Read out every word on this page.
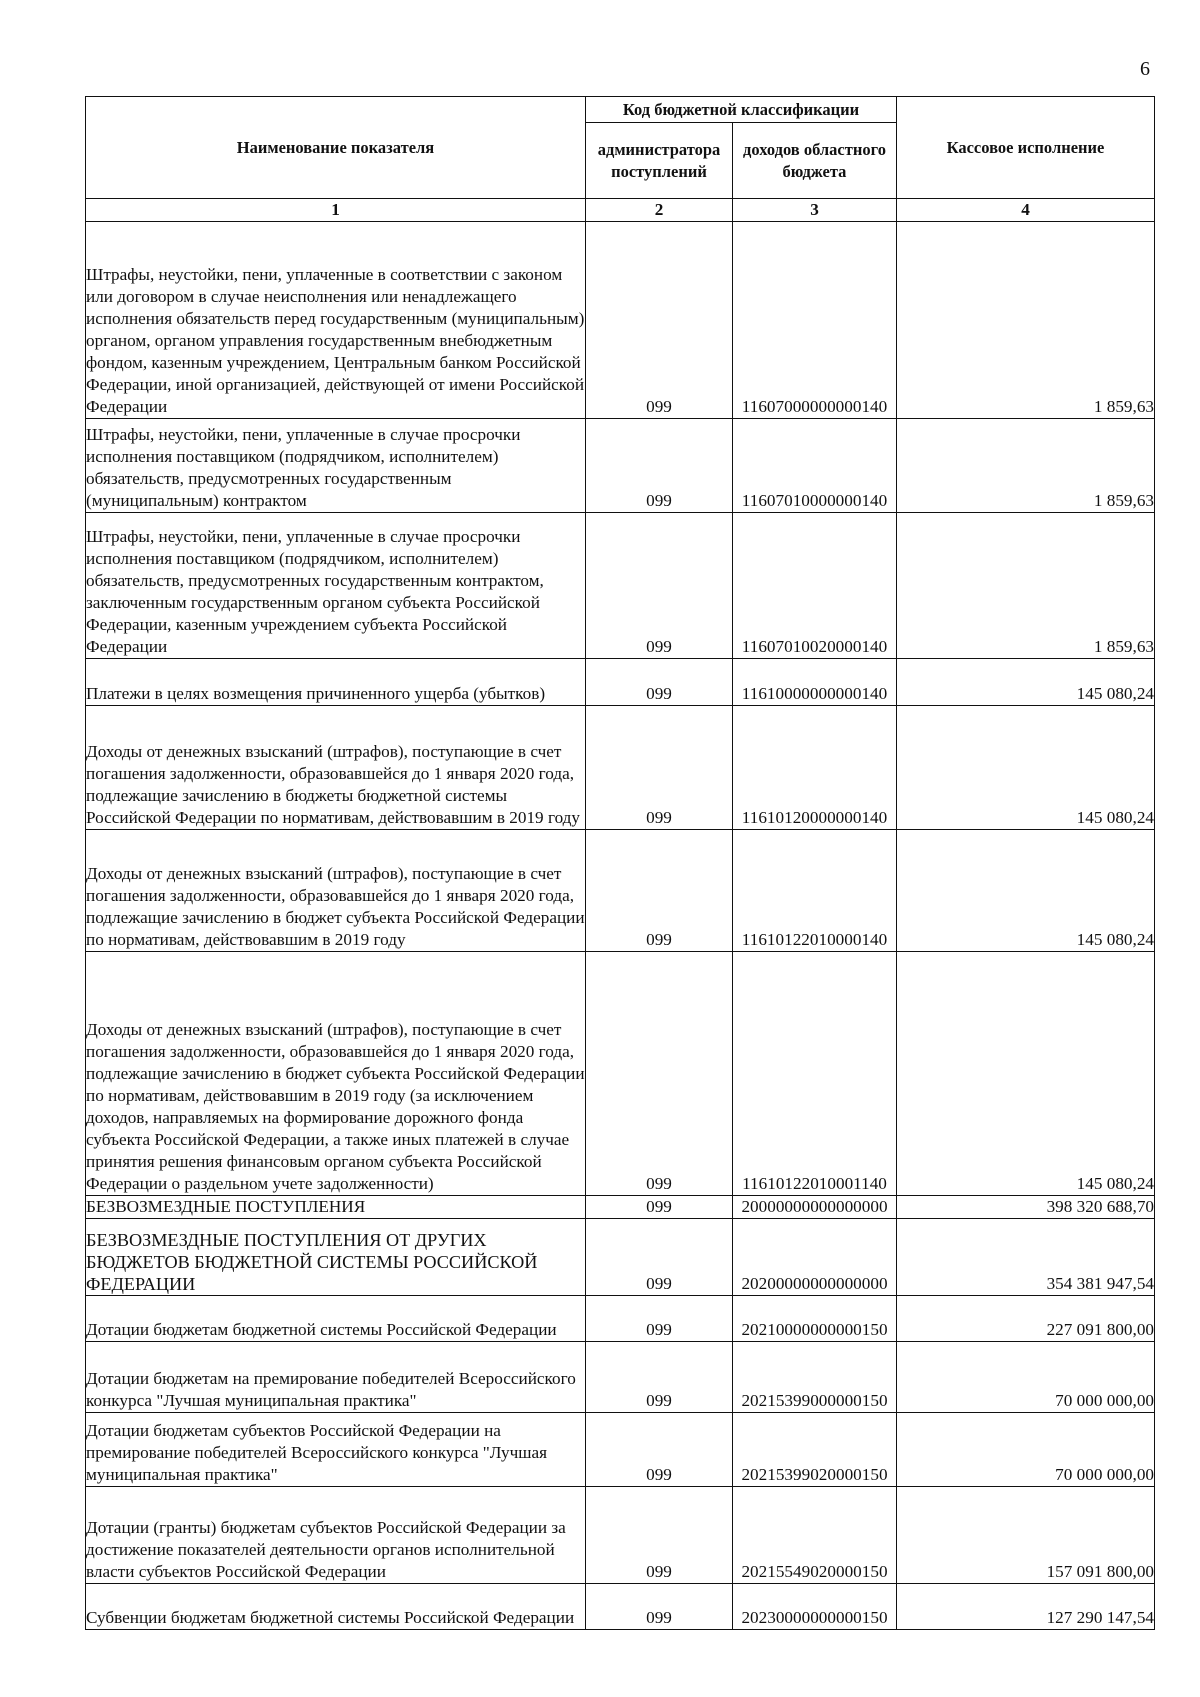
6
Наименование показателя	Код бюджетной классификации		Кассовое исполнение
	администратора поступлений	доходов областного бюджета	
1	2	3	4
Штрафы, неустойки, пени, уплаченные в соответствии с законом или договором в случае неисполнения или ненадлежащего исполнения обязательств перед государственным (муниципальным) органом, органом управления государственным внебюджетным фондом, казенным учреждением, Центральным банком Российской Федерации, иной организацией, действующей от имени Российской Федерации	099	11607000000000140	1 859,63
Штрафы, неустойки, пени, уплаченные в случае просрочки исполнения поставщиком (подрядчиком, исполнителем) обязательств, предусмотренных государственным (муниципальным) контрактом	099	11607010000000140	1 859,63
Штрафы, неустойки, пени, уплаченные в случае просрочки исполнения поставщиком (подрядчиком, исполнителем) обязательств, предусмотренных государственным контрактом, заключенным государственным органом субъекта Российской Федерации, казенным учреждением субъекта Российской Федерации	099	11607010020000140	1 859,63
Платежи в целях возмещения причиненного ущерба (убытков)	099	11610000000000140	145 080,24
Доходы от денежных взысканий (штрафов), поступающие в счет погашения задолженности, образовавшейся до 1 января 2020 года, подлежащие зачислению в бюджеты бюджетной системы Российской Федерации по нормативам, действовавшим в 2019 году	099	11610120000000140	145 080,24
Доходы от денежных взысканий (штрафов), поступающие в счет погашения задолженности, образовавшейся до 1 января 2020 года, подлежащие зачислению в бюджет субъекта Российской Федерации по нормативам, действовавшим в 2019 году	099	11610122010000140	145 080,24
Доходы от денежных взысканий (штрафов), поступающие в счет погашения задолженности, образовавшейся до 1 января 2020 года, подлежащие зачислению в бюджет субъекта Российской Федерации по нормативам, действовавшим в 2019 году (за исключением доходов, направляемых на формирование дорожного фонда субъекта Российской Федерации, а также иных платежей в случае принятия решения финансовым органом субъекта Российской Федерации о раздельном учете задолженности)	099	11610122010001140	145 080,24
БЕЗВОЗМЕЗДНЫЕ ПОСТУПЛЕНИЯ	099	20000000000000000	398 320 688,70
БЕЗВОЗМЕЗДНЫЕ ПОСТУПЛЕНИЯ ОТ ДРУГИХ БЮДЖЕТОВ БЮДЖЕТНОЙ СИСТЕМЫ РОССИЙСКОЙ ФЕДЕРАЦИИ	099	20200000000000000	354 381 947,54
Дотации бюджетам бюджетной системы Российской Федерации	099	20210000000000150	227 091 800,00
Дотации бюджетам на премирование победителей Всероссийского конкурса "Лучшая муниципальная практика"	099	20215399000000150	70 000 000,00
Дотации бюджетам субъектов Российской Федерации на премирование победителей Всероссийского конкурса "Лучшая муниципальная практика"	099	20215399020000150	70 000 000,00
Дотации (гранты) бюджетам субъектов Российской Федерации за достижение показателей деятельности органов исполнительной власти субъектов Российской Федерации	099	20215549020000150	157 091 800,00
Субвенции бюджетам бюджетной системы Российской Федерации	099	20230000000000150	127 290 147,54
